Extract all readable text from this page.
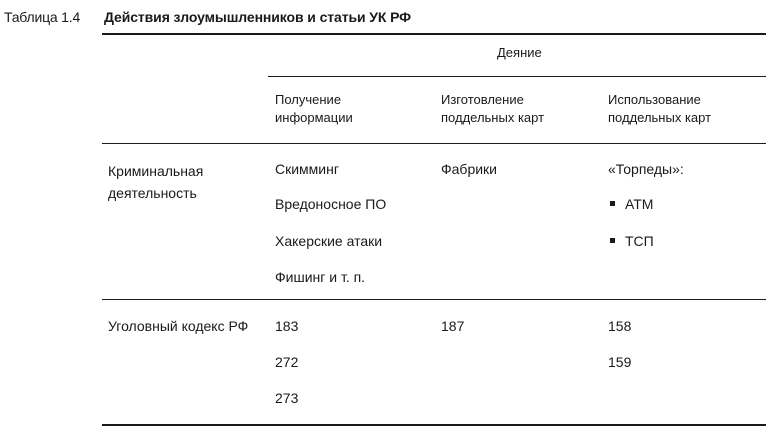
Таблица 1.4 Действия злоумышленников и статьи УК РФ
Деяние
Получение
информации
Изготовление
поддельных карт
Использование
поддельных карт
Криминальная
деятельность
Скимминг
Вредоносное ПО
Хакерские атаки
Фишинг и т. п.
Фабрики	«Торпеды»:
АТМ
ТСП
Уголовный кодекс РФ 183
272
273
187	158
159
